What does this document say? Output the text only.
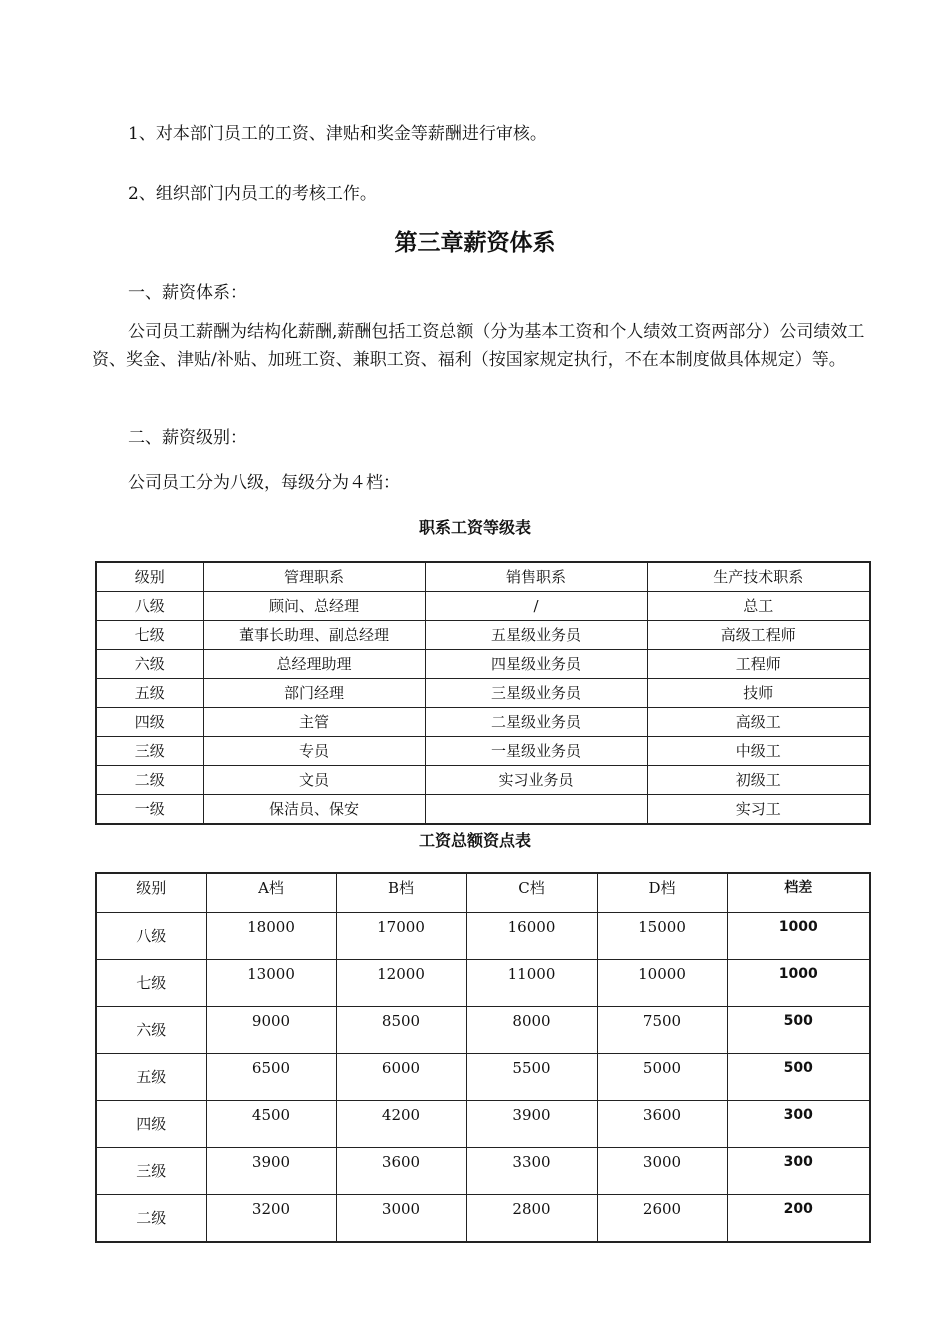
1、对本部门员工的工资、津贴和奖金等薪酬进行审核。

2、组织部门内员工的考核工作。

第三章薪资体系

一、薪资体系：

公司员工薪酬为结构化薪酬,薪酬包括工资总额（分为基本工资和个人绩效工资两部分）公司绩效工资、奖金、津贴/补贴、加班工资、兼职工资、福利（按国家规定执行，不在本制度做具体规定）等。

二、薪资级别：

公司员工分为八级，每级分为４档：

职系工资等级表
级别	管理职系	销售职系	生产技术职系
八级	顾问、总经理	/	总工
七级	董事长助理、副总经理	五星级业务员	高级工程师
六级	总经理助理	四星级业务员	工程师
五级	部门经理	三星级业务员	技师
四级	主管	二星级业务员	高级工
三级	专员	一星级业务员	中级工
二级	文员	实习业务员	初级工
一级	保洁员、保安		实习工
工资总额资点表
级别	A档	B档	C档	D档	档差
八级	18000	17000	16000	15000	1000
七级	13000	12000	11000	10000	1000
六级	9000	8500	8000	7500	500
五级	6500	6000	5500	5000	500
四级	4500	4200	3900	3600	300
三级	3900	3600	3300	3000	300
二级	3200	3000	2800	2600	200
